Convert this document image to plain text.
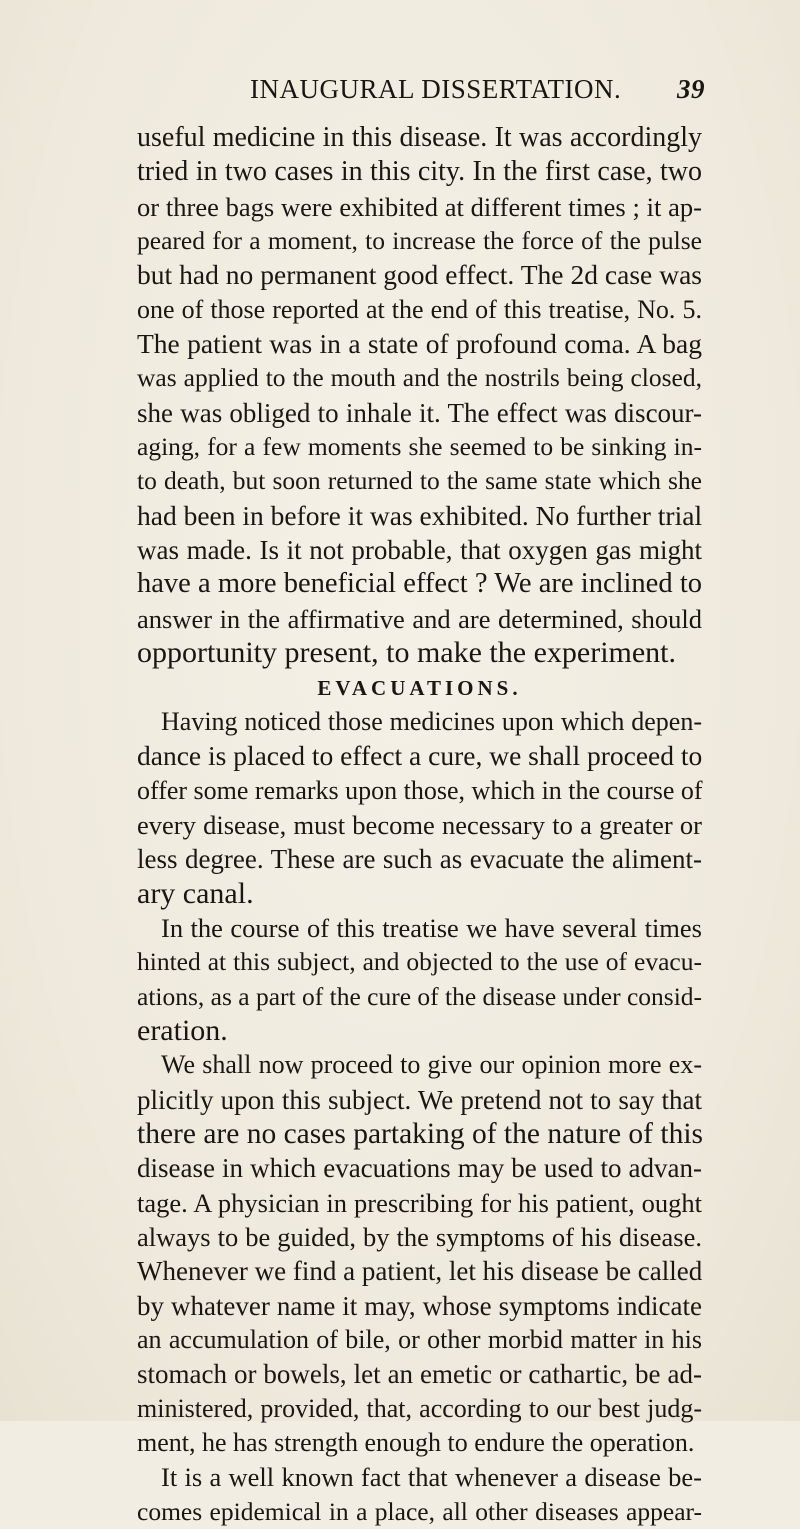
INAUGURAL DISSERTATION. 39
useful medicine in this disease. It was accordingly
tried in two cases in this city. In the first case, two
or three bags were exhibited at different times ; it ap-
peared for a moment, to increase the force of the pulse
but had no permanent good effect. The 2d case was
one of those reported at the end of this treatise, No. 5.
The patient was in a state of profound coma. A bag
was applied to the mouth and the nostrils being closed,
she was obliged to inhale it. The effect was discour-
aging, for a few moments she seemed to be sinking in-
to death, but soon returned to the same state which she
had been in before it was exhibited. No further trial
was made. Is it not probable, that oxygen gas might
have a more beneficial effect ? We are inclined to
answer in the affirmative and are determined, should
opportunity present, to make the experiment.
EVACUATIONS.
Having noticed those medicines upon which depen-
dance is placed to effect a cure, we shall proceed to
offer some remarks upon those, which in the course of
every disease, must become necessary to a greater or
less degree. These are such as evacuate the aliment-
ary canal.
In the course of this treatise we have several times
hinted at this subject, and objected to the use of evacu-
ations, as a part of the cure of the disease under consid-
eration.
We shall now proceed to give our opinion more ex-
plicitly upon this subject. We pretend not to say that
there are no cases partaking of the nature of this
disease in which evacuations may be used to advan-
tage. A physician in prescribing for his patient, ought
always to be guided, by the symptoms of his disease.
Whenever we find a patient, let his disease be called
by whatever name it may, whose symptoms indicate
an accumulation of bile, or other morbid matter in his
stomach or bowels, let an emetic or cathartic, be ad-
ministered, provided, that, according to our best judg-
ment, he has strength enough to endure the operation.
It is a well known fact that whenever a disease be-
comes epidemical in a place, all other diseases appear-
